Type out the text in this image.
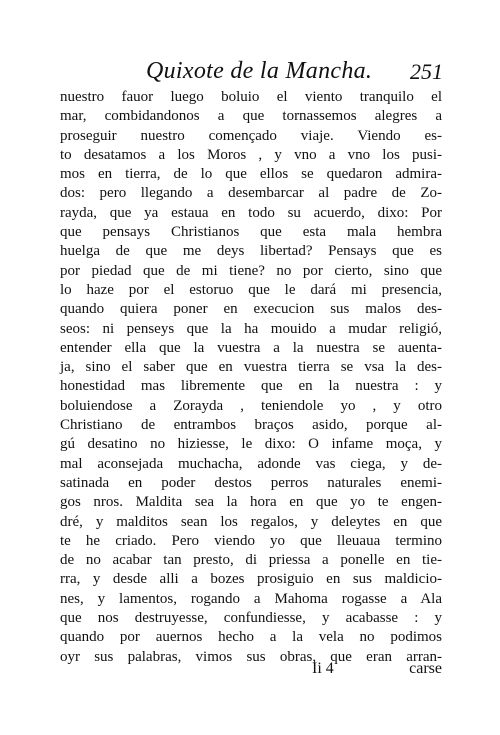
Quixote de la Mancha. 251
nuestro fauor luego boluio el viento tranquilo el
mar, combidandonos a que tornassemos alegres a
proseguir nuestro començado viaje. Viendo es-
to desatamos a los Moros , y vno a vno los pusi-
mos en tierra, de lo que ellos se quedaron admira-
dos: pero llegando a desembarcar al padre de Zo-
rayda, que ya estaua en todo su acuerdo, dixo: Por
que pensays Christianos que esta mala hembra
huelga de que me deys libertad? Pensays que es
por piedad que de mi tiene? no por cierto, sino que
lo haze por el estoruo que le dará mi presencia,
quando quiera poner en execucion sus malos des-
seos: ni penseys que la ha mouido a mudar religió,
entender ella que la vuestra a la nuestra se auenta-
ja, sino el saber que en vuestra tierra se vsa la des-
honestidad mas libremente que en la nuestra : y
boluiendose a Zorayda , teniendole yo , y otro
Christiano de entrambos braços asido, porque al-
gú desatino no hiziesse, le dixo: O infame moça, y
mal aconsejada muchacha, adonde vas ciega, y de-
satinada en poder destos perros naturales enemi-
gos nros. Maldita sea la hora en que yo te engen-
dré, y malditos sean los regalos, y deleytes en que
te he criado. Pero viendo yo que lleuaua termino
de no acabar tan presto, di priessa a ponelle en tie-
rra, y desde alli a bozes prosiguio en sus maldicio-
nes, y lamentos, rogando a Mahoma rogasse a Ala
que nos destruyesse, confundiesse, y acabasse : y
quando por auernos hecho a la vela no podimos
oyr sus palabras, vimos sus obras, que eran arran-
Ii 4	carse
